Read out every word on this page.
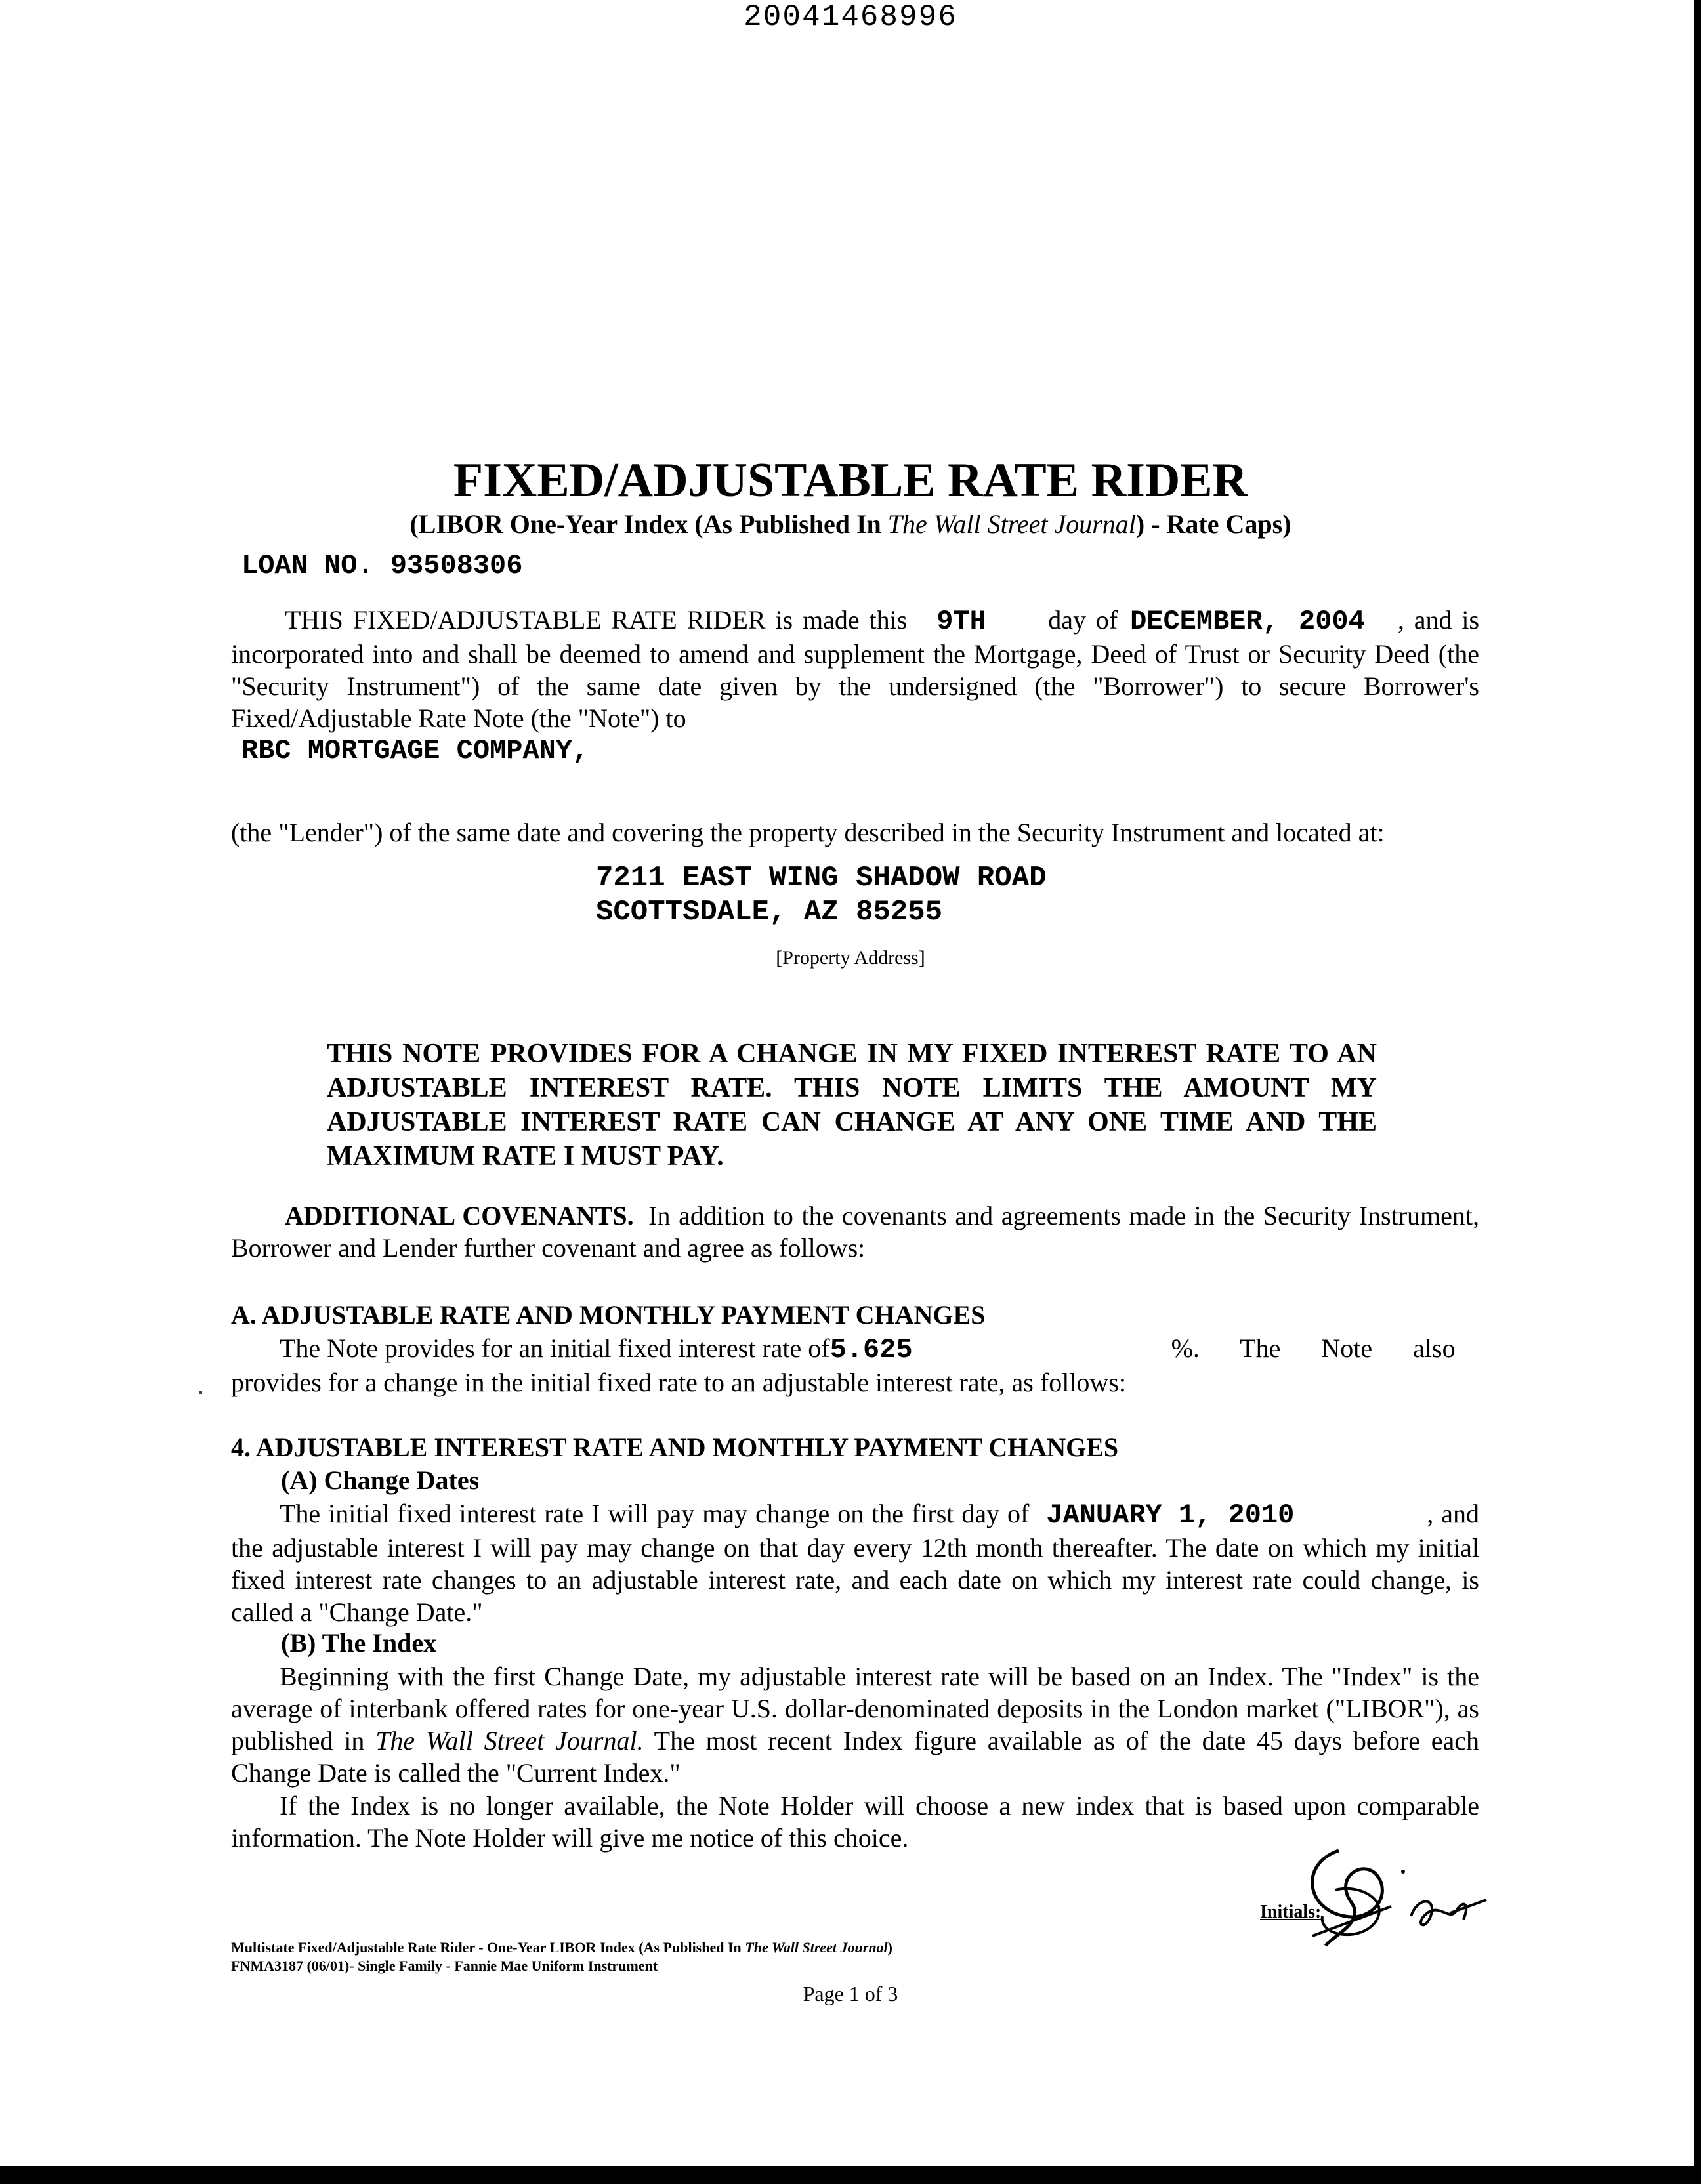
20041468996
FIXED/ADJUSTABLE RATE RIDER
(LIBOR One-Year Index (As Published In The Wall Street Journal) - Rate Caps)
LOAN NO. 93508306
THIS FIXED/ADJUSTABLE RATE RIDER is made this 9TH day of DECEMBER, 2004 , and is incorporated into and shall be deemed to amend and supplement the Mortgage, Deed of Trust or Security Deed (the "Security Instrument") of the same date given by the undersigned (the "Borrower") to secure Borrower's Fixed/Adjustable Rate Note (the "Note") to
RBC MORTGAGE COMPANY,
(the "Lender") of the same date and covering the property described in the Security Instrument and located at:
7211 EAST WING SHADOW ROAD
SCOTTSDALE, AZ 85255
[Property Address]
THIS NOTE PROVIDES FOR A CHANGE IN MY FIXED INTEREST RATE TO AN ADJUSTABLE INTEREST RATE. THIS NOTE LIMITS THE AMOUNT MY ADJUSTABLE INTEREST RATE CAN CHANGE AT ANY ONE TIME AND THE MAXIMUM RATE I MUST PAY.
ADDITIONAL COVENANTS. In addition to the covenants and agreements made in the Security Instrument, Borrower and Lender further covenant and agree as follows:
A. ADJUSTABLE RATE AND MONTHLY PAYMENT CHANGES
The Note provides for an initial fixed interest rate of5.625	%. The Note also
provides for a change in the initial fixed rate to an adjustable interest rate, as follows:
4. ADJUSTABLE INTEREST RATE AND MONTHLY PAYMENT CHANGES
(A) Change Dates
The initial fixed interest rate I will pay may change on the first day of JANUARY 1, 2010	, and the adjustable interest I will pay may change on that day every 12th month thereafter. The date on which my initial fixed interest rate changes to an adjustable interest rate, and each date on which my interest rate could change, is called a "Change Date."
(B) The Index
Beginning with the first Change Date, my adjustable interest rate will be based on an Index. The "Index" is the average of interbank offered rates for one-year U.S. dollar-denominated deposits in the London market ("LIBOR"), as published in The Wall Street Journal. The most recent Index figure available as of the date 45 days before each Change Date is called the "Current Index."
If the Index is no longer available, the Note Holder will choose a new index that is based upon comparable information. The Note Holder will give me notice of this choice.
Initials:
Multistate Fixed/Adjustable Rate Rider - One-Year LIBOR Index (As Published In The Wall Street Journal)
FNMA3187 (06/01)- Single Family - Fannie Mae Uniform Instrument
Page 1 of 3
